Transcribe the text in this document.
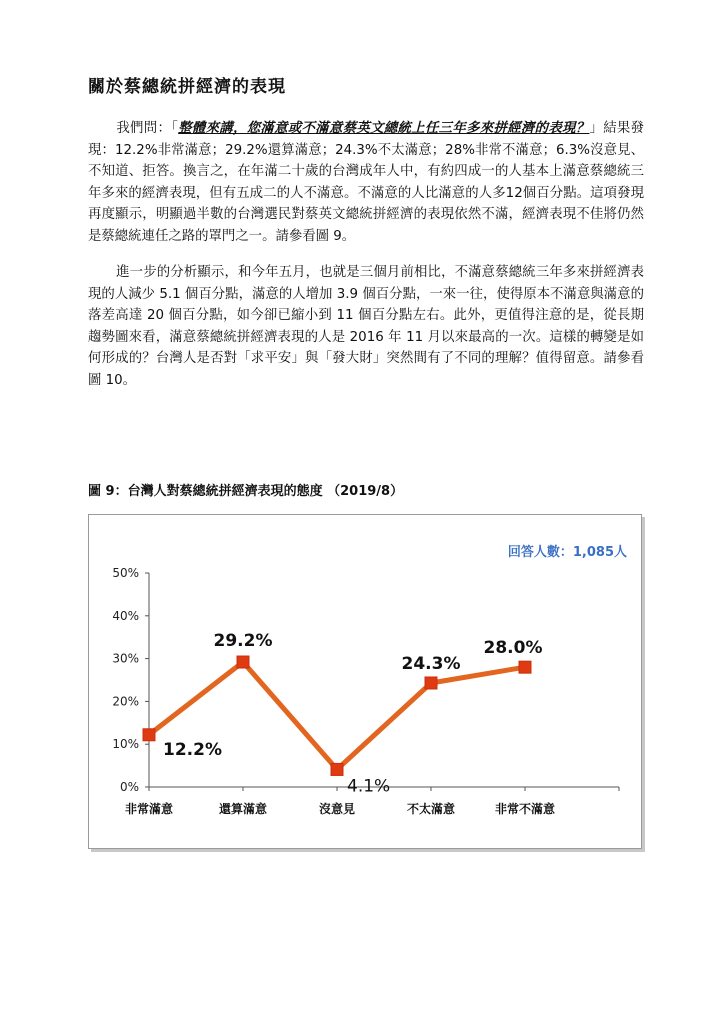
關於蔡總統拼經濟的表現

我們問：「整體來講，您滿意或不滿意蔡英文總統上任三年多來拼經濟的表現？」結果發現：12.2%非常滿意；29.2%還算滿意；24.3%不太滿意；28%非常不滿意；6.3%沒意見、不知道、拒答。換言之，在年滿二十歲的台灣成年人中，有約四成一的人基本上滿意蔡總統三年多來的經濟表現，但有五成二的人不滿意。不滿意的人比滿意的人多12個百分點。這項發現再度顯示，明顯過半數的台灣選民對蔡英文總統拼經濟的表現依然不滿，經濟表現不佳將仍然是蔡總統連任之路的罩門之一。請參看圖 9。

進一步的分析顯示，和今年五月，也就是三個月前相比，不滿意蔡總統三年多來拼經濟表現的人減少 5.1 個百分點，滿意的人增加 3.9 個百分點，一來一往，使得原本不滿意與滿意的落差高達 20 個百分點，如今卻已縮小到 11 個百分點左右。此外，更值得注意的是，從長期趨勢圖來看，滿意蔡總統拼經濟表現的人是 2016 年 11 月以來最高的一次。這樣的轉變是如何形成的？台灣人是否對「求平安」與「發大財」突然間有了不同的理解？值得留意。請參看圖 10。

圖 9：台灣人對蔡總統拼經濟表現的態度 （2019/8）
0%
10%
20%
30%
40%
50%
非常滿意	還算滿意	沒意見	不太滿意	非常不滿意
12.2%
29.2%
4.1%
24.3%
28.0%
回答人數：1,085人
